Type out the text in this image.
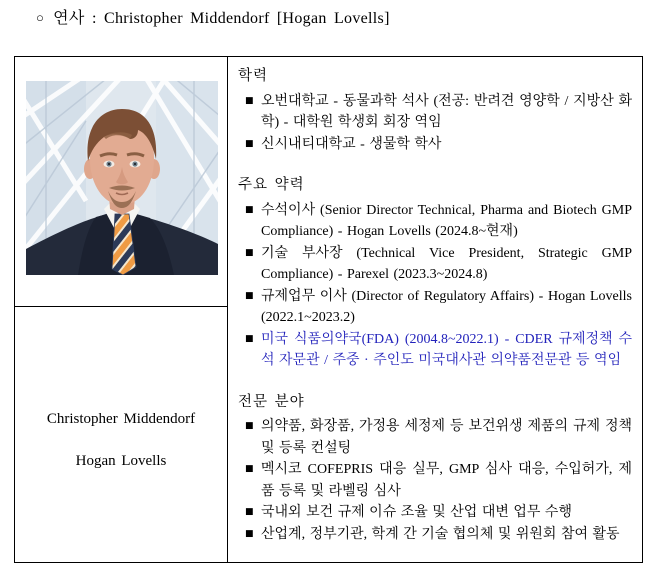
○ 연사 : Christopher Middendorf [Hogan Lovells]
Christopher Middendorf
Hogan Lovells
학력
■ 오번대학교 - 동물과학 석사 (전공: 반려견 영양학 / 지방산 화학) - 대학원 학생회 회장 역임
■ 신시내티대학교 - 생물학 학사
주요 약력
■ 수석이사 (Senior Director Technical, Pharma and Biotech GMP Compliance) - Hogan Lovells (2024.8~현재)
■ 기술 부사장 (Technical Vice President, Strategic GMP Compliance) - Parexel (2023.3~2024.8)
■ 규제업무 이사 (Director of Regulatory Affairs) - Hogan Lovells (2022.1~2023.2)
■ 미국 식품의약국(FDA) (2004.8~2022.1) - CDER 규제정책 수석 자문관 / 주중 · 주인도 미국대사관 의약품전문관 등 역임
전문 분야
■ 의약품, 화장품, 가정용 세정제 등 보건위생 제품의 규제 정책 및 등록 컨설팅
■ 멕시코 COFEPRIS 대응 실무, GMP 심사 대응, 수입허가, 제품 등록 및 라벨링 심사
■ 국내외 보건 규제 이슈 조율 및 산업 대변 업무 수행
■ 산업계, 정부기관, 학계 간 기술 협의체 및 위원회 참여 활동
